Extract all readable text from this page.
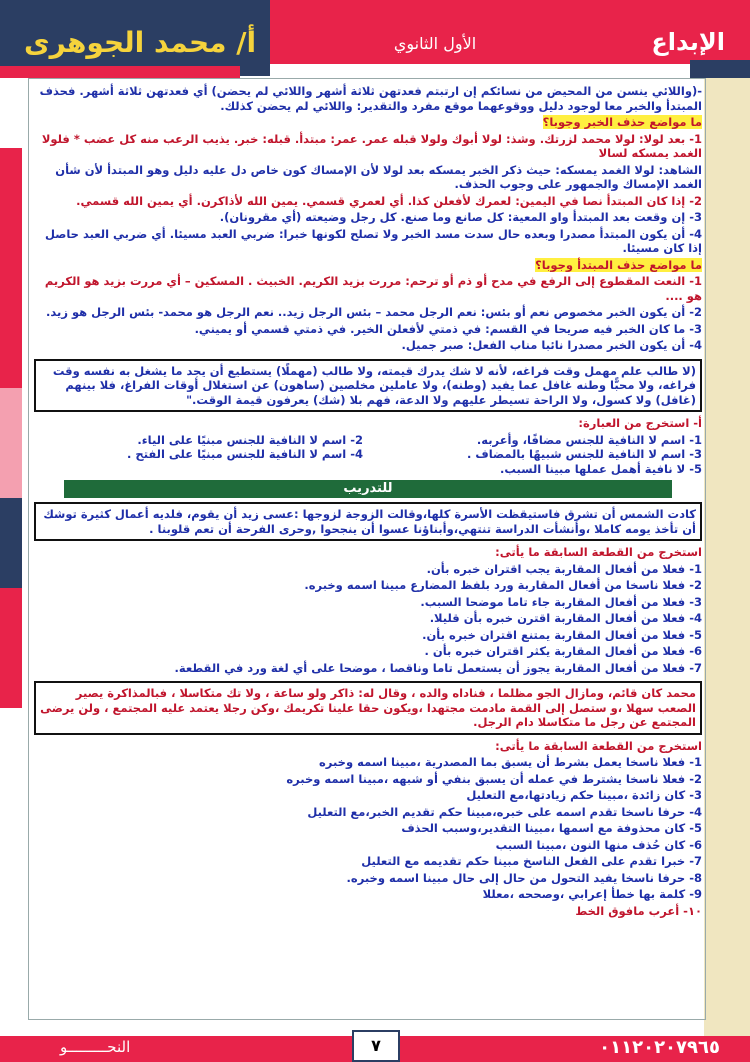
أ/ محمد الجوهرى	الأول الثانوي	الإبداع
-(واللائي ينسن من المحيض من نسائكم إن ارتبتم فعدتهن ثلاثة أشهر واللائي لم يحضن) أي فعدتهن ثلاثة أشهر. فحذف المبتدأ والخبر معا لوجود دليل ووقوعهما موقع مفرد والتقدير: واللائي لم يحضن كذلك.
ما مواضع حذف الخبر وجوبا؟
1- بعد لولا: لولا محمد لزرتك. وشذ: لولا أبوك ولولا قبله عمر. عمر: مبتدأ. قبله: خبر. يذيب الرعب منه كل عضب * فلولا الغمد يمسكه لسالا
الشاهد: لولا الغمد يمسكه: حيث ذكر الخبر يمسكه بعد لولا لأن الإمساك كون خاص دل عليه دليل وهو المبتدأ لأن شأن الغمد الإمساك والجمهور على وجوب الحذف.
2- إذا كان المبتدأ نصا في اليمين: لعمرك لأفعلن كذا. أي لعمري قسمي. يمين الله لأذاكرن. أي يمين الله قسمي.
3- إن وقعت بعد المبتدأ واو المعية: كل صانع وما صنع. كل رجل وضيعته (أي مقرونان).
4- أن يكون المبتدأ مصدرا وبعده حال سدت مسد الخبر ولا تصلح لكونها خبرا: ضربي العبد مسيئا. أي ضربي العبد حاصل إذا كان مسيئا.
ما مواضع حذف المبتدأ وجوبا؟
1- النعت المقطوع إلى الرفع في مدح أو ذم أو ترحم: مررت بزيد الكريم. الخبيث . المسكين – أي مررت بزيد هو الكريم هو ....
2- أن يكون الخبر مخصوص نعم أو بئس: نعم الرجل محمد – بئس الرجل زيد.. نعم الرجل هو محمد- بئس الرجل هو زيد.
3- ما كان الخبر فيه صريحا في القسم: في ذمتي لأفعلن الخير. في ذمتي قسمي أو يميني.
4- أن يكون الخبر مصدرا نائبا مناب الفعل: صبر جميل.
(لا طالب علم مهمل وقت فراغه، لأنه لا شك يدرك قيمته، ولا طالب (مهملًا) يستطيع أن يجد ما يشغل به نفسه وقت فراغه، ولا محبًّا وطنه غافل عما يفيد (وطنه)، ولا عاملين مخلصين (ساهون) عن استغلال أوقات الفراغ، فلا بينهم (غافل) ولا كسول، ولا الراحة تسيطر عليهم ولا الدعة، فهم بلا (شك) يعرفون قيمة الوقت."
أ- استخرج من العبارة:
1- اسم لا النافية للجنس مضافًا، وأعربه.
2- اسم لا النافية للجنس مبنيًا على الياء.
3- اسم لا النافية للجنس شبيهًا بالمضاف .
4- اسم لا النافية للجنس مبنيًا على الفتح .
5- لا نافية أهمل عملها مبينا السبب.
للتدريب
كادت الشمس أن تشرق فاستيقظت الأسرة كلها،وقالت الزوجة لزوجها :عسى زيد أن يقوم، فلديه أعمال كثيرة توشك أن تأخذ يومه كاملا ،وأنشأت الدراسة تنتهي،وأبناؤنا عسوا أن ينجحوا ,وحرى الفرحة أن تعم قلوبنا .
استخرج من القطعة السابقة ما يأتى:
1- فعلا من أفعال المقاربة يجب اقتران خبره بأن.
2- فعلا ناسخا من أفعال المقاربة ورد بلفظ المضارع مبينا اسمه وخبره.
3- فعلا من أفعال المقاربة جاء تاما موضحا السبب.
4- فعلا من أفعال المقاربة اقترن خبره بأن قليلا.
5- فعلا من أفعال المقاربة يمتنع اقتران خبره بأن.
6- فعلا من أفعال المقاربة يكثر اقتران خبره بأن .
7- فعلا من أفعال المقاربة يجوز أن يستعمل تاما وناقصا ، موضحا على أي لغة ورد في القطعة.
محمد كان قائم، ومازال الجو مظلما ، فناداه والده ، وقال له: ذاكر ولو ساعة ، ولا تك متكاسلا ، فبالمذاكرة يصير الصعب سهلا ،و ستصل إلى القمة مادمت مجتهدا ،ويكون حقا علينا تكريمك ،وكن رجلا يعتمد عليه المجتمع ، ولن يرضى المجتمع عن رجل ما متكاسلا دام الرجل.
استخرج من القطعة السابقة ما يأتى:
1- فعلا ناسخا يعمل بشرط أن يسبق بما المصدرية ،مبينا اسمه وخبره
2- فعلا ناسخا يشترط في عمله أن يسبق بنفي أو شبهه ،مبينا اسمه وخبره
3- كان زائدة ،مبينا حكم زيادتها،مع التعليل
4- حرفا ناسخا تقدم اسمه على خبره،مبينا حكم تقديم الخبر،مع التعليل
5- كان محذوفة مع اسمها ،مبينا التقدير،وسبب الحذف
6- كان حُذف منها النون ،مبينا السبب
7- خبرا تقدم على الفعل الناسخ مبينا حكم تقديمه مع التعليل
8- حرفا ناسخا يفيد التحول من حال إلى حال مبينا اسمه وخبره.
9- كلمة بها خطأ إعرابي ،وصححه ،معللا
١٠- أعرب مافوق الخط
النحـــــــــو	٠١١٢٠٢٠٧٩٦٥
٧
